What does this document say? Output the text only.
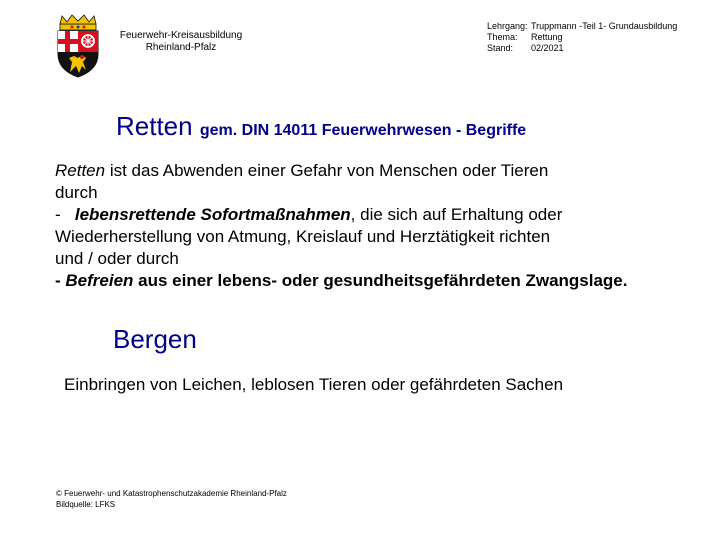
Feuerwehr-Kreisausbildung
Rheinland-Pfalz
Lehrgang: Truppmann -Teil 1- Grundausbildung
Thema: Rettung
Stand: 02/2021
Retten gem. DIN 14011 Feuerwehrwesen - Begriffe

Retten ist das Abwenden einer Gefahr von Menschen oder Tieren

durch

-   lebensrettende Sofortmaßnahmen, die sich auf Erhaltung oder

Wiederherstellung von Atmung, Kreislauf und Herztätigkeit richten

und / oder durch

- Befreien aus einer lebens- oder gesundheitsgefährdeten Zwangslage.

Bergen
Einbringen von Leichen, leblosen Tieren oder gefährdeten Sachen
© Feuerwehr- und Katastrophenschutzakademie Rheinland-Pfalz
Bildquelle: LFKS
